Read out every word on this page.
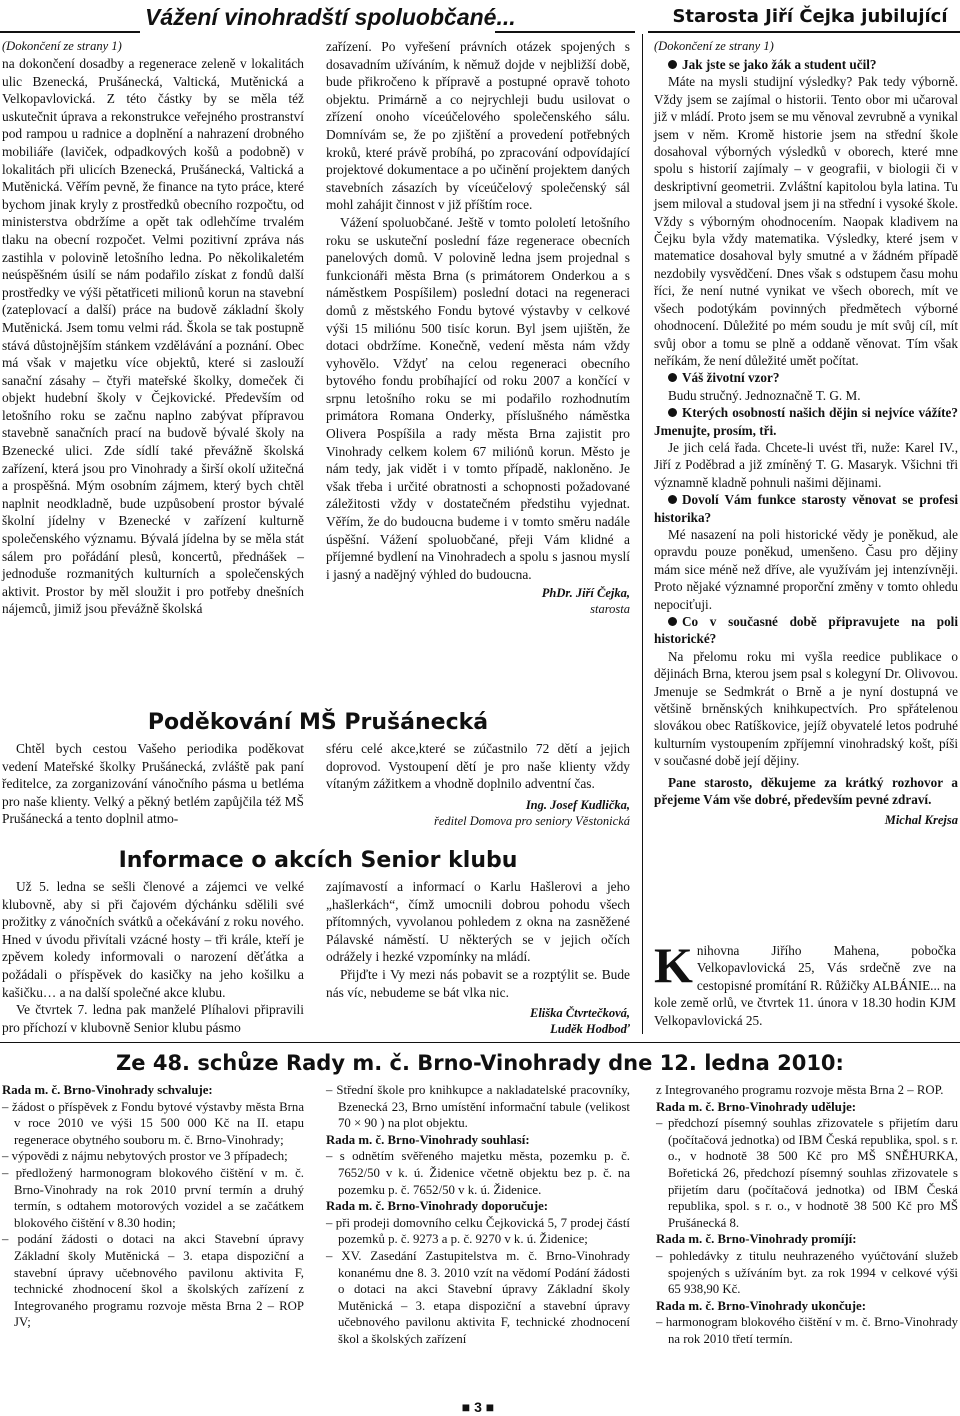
Vážení vinohradští spoluobčané...	Starosta Jiří Čejka jubilující

(Dokončení ze strany 1)

na dokončení dosadby a regenerace zeleně v lokalitách ulic Bzenecká, Prušánecká, Valtická, Mutěnická a Velkopavlovická. Z této částky by se měla též uskutečnit úprava a rekonstrukce veřejného prostranství pod rampou u radnice a doplnění a nahrazení drobného mobiliáře (laviček, odpadkových košů a podobně) v lokalitách při ulicích Bzenecká, Prušánecká, Valtická a Mutěnická. Věřím pevně, že finance na tyto práce, které bychom jinak kryly z prostředků obecního rozpočtu, od ministerstva obdržíme a opět tak odlehčíme trvalém tlaku na obecní rozpočet. Velmi pozitivní zpráva nás zastihla v polovině letošního ledna. Po několikaletém neúspěšném úsilí se nám podařilo získat z fondů další prostředky ve výši pětatřiceti milionů korun na stavební (zateplovací a další) práce na budově základní školy Mutěnická. Jsem tomu velmi rád. Škola se tak postupně stává důstojnějším stánkem vzdělávání a poznání. Obec má však v majetku více objektů, které si zaslouží sanační zásahy – čtyři mateřské školky, domeček či objekt hudební školy v Čejkovické. Především od letošního roku se začnu naplno zabývat přípravou stavebně sanačních prací na budově bývalé školy na Bzenecké ulici. Zde sídlí také převážně školská zařízení, která jsou pro Vinohrady a širší okolí užitečná a prospěšná. Mým osobním zájmem, který bych chtěl naplnit neodkladně, bude uzpůsobení prostor bývalé školní jídelny v Bzenecké v zařízení kulturně společenského významu. Bývalá jídelna by se měla stát sálem pro pořádání plesů, koncertů, přednášek – jednoduše rozmanitých kulturních a společenských aktivit. Prostor by měl sloužit i pro potřeby dnešních nájemců, jimiž jsou převážně školská

zařízení. Po vyřešení právních otázek spojených s dosavadním užíváním, k němuž dojde v nejbližší době, bude přikročeno k přípravě a postupné opravě tohoto objektu. Primárně a co nejrychleji budu usilovat o zřízení onoho víceúčelového společenského sálu. Domnívám se, že po zjištění a provedení potřebných kroků, které právě probíhá, po zpracování odpovídající projektové dokumentace a po učinění projektem daných stavebních zásazích by víceúčelový společenský sál mohl zahájit činnost v již příštím roce.

Vážení spoluobčané. Ještě v tomto pololetí letošního roku se uskuteční poslední fáze regenerace obecních panelových domů. V polovině ledna jsem projednal s funkcionáři města Brna (s primátorem Onderkou a s náměstkem Pospíšilem) poslední dotaci na regeneraci domů z městského Fondu bytové výstavby v celkové výši 15 miliónu 500 tisíc korun. Byl jsem ujištěn, že dotaci obdržíme. Konečně, vedení města nám vždy vyhovělo. Vždyť na celou regeneraci obecního bytového fondu probíhající od roku 2007 a končící v srpnu letošního roku se mi podařilo rozhodnutím primátora Romana Onderky, příslušného náměstka Olivera Pospíšila a rady města Brna zajistit pro Vinohrady celkem kolem 67 miliónů korun. Město je nám tedy, jak vidět i v tomto případě, nakloněno. Je však třeba i určité obratnosti a schopnosti požadované záležitosti vždy v dostatečném předstihu vyjednat. Věřím, že do budoucna budeme i v tomto směru nadále úspěšní. Vážení spoluobčané, přeji Vám klidné a příjemné bydlení na Vinohradech a spolu s jasnou myslí i jasný a nadějný výhled do budoucna.

PhDr. Jiří Čejka,
starosta
Poděkování MŠ Prušánecká

Chtěl bych cestou Vašeho periodika poděkovat vedení Mateřské školky Prušánecká, zvláště pak paní ředitelce, za zorganizování vánočního pásma u betléma pro naše klienty. Velký a pěkný betlém zapůjčila též MŠ Prušánecká a tento doplnil atmo-

sféru celé akce,které se zúčastnilo 72 dětí a jejich doprovod. Vystoupení dětí je pro naše klienty vždy vítaným zážitkem a vhodně doplnilo adventní čas.

Ing. Josef Kudlička,
ředitel Domova pro seniory Věstonická
Informace o akcích Senior klubu

Už 5. ledna se sešli členové a zájemci ve velké klubovně, aby si při čajovém dýchánku sdělili své prožitky z vánočních svátků a očekávání z roku nového. Hned v úvodu přivítali vzácné hosty – tři krále, kteří je zpěvem koledy informovali o narození děťátka a požádali o příspěvek do kasičky na jeho košilku a kašičku… a na další společné akce klubu.

Ve čtvrtek 7. ledna pak manželé Plíhalovi připravili pro příchozí v klubovně Senior klubu pásmo

zajímavostí a informací o Karlu Hašlerovi a jeho „hašlerkách“, čímž umocnili dobrou pohodu všech přítomných, vyvolanou pohledem z okna na zasněžené Pálavské náměstí. U některých se v jejich očích odrážely i hezké vzpomínky na mládí.

Přijďte i Vy mezi nás pobavit se a rozptýlit se. Bude nás víc, nebudeme se bát vlka nic.

Eliška Čtvrtečková,
Luděk Hodboď

(Dokončení ze strany 1)

Jak jste se jako žák a student učil?

Máte na mysli studijní výsledky? Pak tedy výborně. Vždy jsem se zajímal o historii. Tento obor mi učaroval již v mládí. Proto jsem se mu věnoval zevrubně a vynikal jsem v něm. Kromě historie jsem na střední škole dosahoval výborných výsledků v oborech, které mne spolu s historií zajímaly – v geografii, v biologii či v deskriptivní geometrii. Zvláštní kapitolou byla latina. Tu jsem miloval a studoval jsem ji na střední i vysoké škole. Vždy s výborným ohodnocením. Naopak kladivem na Čejku byla vždy matematika. Výsledky, které jsem v matematice dosahoval byly smutné a v žádném případě nezdobily vysvědčení. Dnes však s odstupem času mohu říci, že není nutné vynikat ve všech oborech, mít ve všech podotýkám povinných předmětech výborné ohodnocení. Důležité po mém soudu je mít svůj cíl, mít svůj obor a tomu se plně a oddaně věnovat. Tím však neříkám, že není důležité umět počítat.

Váš životní vzor?

Budu stručný. Jednoznačně T. G. M.

Kterých osobností našich dějin si nejvíce vážíte? Jmenujte, prosím, tři.

Je jich celá řada. Chcete-li uvést tři, nuže: Karel IV., Jiří z Poděbrad a již zmíněný T. G. Masaryk. Všichni tři významně kladně pohnuli našimi dějinami.

Dovolí Vám funkce starosty věnovat se profesi historika?

Mé nasazení na poli historické vědy je poněkud, ale opravdu pouze poněkud, umenšeno. Času pro dějiny mám sice méně než dříve, ale využívám jej intenzívněji. Proto nějaké významné proporční změny v tomto ohledu nepociťuji.

Co v současné době připravujete na poli historické?

Na přelomu roku mi vyšla reedice publikace o dějinách Brna, kterou jsem psal s kolegyní Dr. Olivovou. Jmenuje se Sedmkrát o Brně a je nyní dostupná ve většině brněnských knihkupectvích. Pro spřátelenou slovákou obec Ratíškovice, jejíž obyvatelé letos podruhé kulturním vystoupením zpříjemní vinohradský košt, píši v současné době její dějiny.

Pane starosto, děkujeme za krátký rozhovor a přejeme Vám vše dobré, především pevné zdraví.

Michal Krejsa
K nihovna Jiřího Mahena, pobočka Velkopavlovická 25, Vás srdečně zve na cestopisné promítání R. Růžičky ALBÁNIE... na kole země orlů, ve čtvrtek 11. února v 18.30 hodin KJM Velkopavlovická 25.
Ze 48. schůze Rady m. č. Brno-Vinohrady dne 12. ledna 2010:

Rada m. č. Brno-Vinohrady schvaluje:

– žádost o příspěvek z Fondu bytové výstavby města Brna v roce 2010 ve výši 15 500 000 Kč na II. etapu regenerace obytného souboru m. č. Brno-Vinohrady;

– výpovědi z nájmu nebytových prostor ve 3 případech;

– předložený harmonogram blokového čištění v m. č. Brno-Vinohrady na rok 2010 první termín a druhý termín, s odtahem motorových vozidel a se začátkem blokového čištění v 8.30 hodin;

– podání žádosti o dotaci na akci Stavební úpravy Základní školy Mutěnická – 3. etapa dispoziční a stavební úpravy učebnového pavilonu aktivita F, technické zhodnocení škol a školských zařízení z Integrovaného programu rozvoje města Brna 2 – ROP JV;

– Střední škole pro knihkupce a nakladatelské pracovníky, Bzenecká 23, Brno umístění informační tabule (velikost 70 × 90 ) na plot objektu.

Rada m. č. Brno-Vinohrady souhlasí:

– s odnětím svěřeného majetku města, pozemku p. č. 7652/50 v k. ú. Židenice včetně objektu bez p. č. na pozemku p. č. 7652/50 v k. ú. Židenice.

Rada m. č. Brno-Vinohrady doporučuje:

– při prodeji domovního celku Čejkovická 5, 7 prodej částí pozemků p. č. 9273 a p. č. 9270 v k. ú. Židenice;

– XV. Zasedání Zastupitelstva m. č. Brno-Vinohrady konanému dne 8. 3. 2010 vzít na vědomí Podání žádosti o dotaci na akci Stavební úpravy Základní školy Mutěnická – 3. etapa dispoziční a stavební úpravy učebnového pavilonu aktivita F, technické zhodnocení škol a školských zařízení

z Integrovaného programu rozvoje města Brna 2 – ROP.

Rada m. č. Brno-Vinohrady uděluje:

– předchozí písemný souhlas zřizovatele s přijetím daru (počítačová jednotka) od IBM Česká republika, spol. s r. o., v hodnotě 38 500 Kč pro MŠ SNĚHURKA, Bořetická 26, předchozí písemný souhlas zřizovatele s přijetím daru (počítačová jednotka) od IBM Česká republika, spol. s r. o., v hodnotě 38 500 Kč pro MŠ Prušánecká 8.

Rada m. č. Brno-Vinohrady promíjí:

– pohledávky z titulu neuhrazeného vyúčtování služeb spojených s užíváním byt. za rok 1994 v celkové výši 65 938,90 Kč.

Rada m. č. Brno-Vinohrady ukončuje:

– harmonogram blokového čištění v m. č. Brno-Vinohrady na rok 2010 třetí termín.

■ 3 ■
